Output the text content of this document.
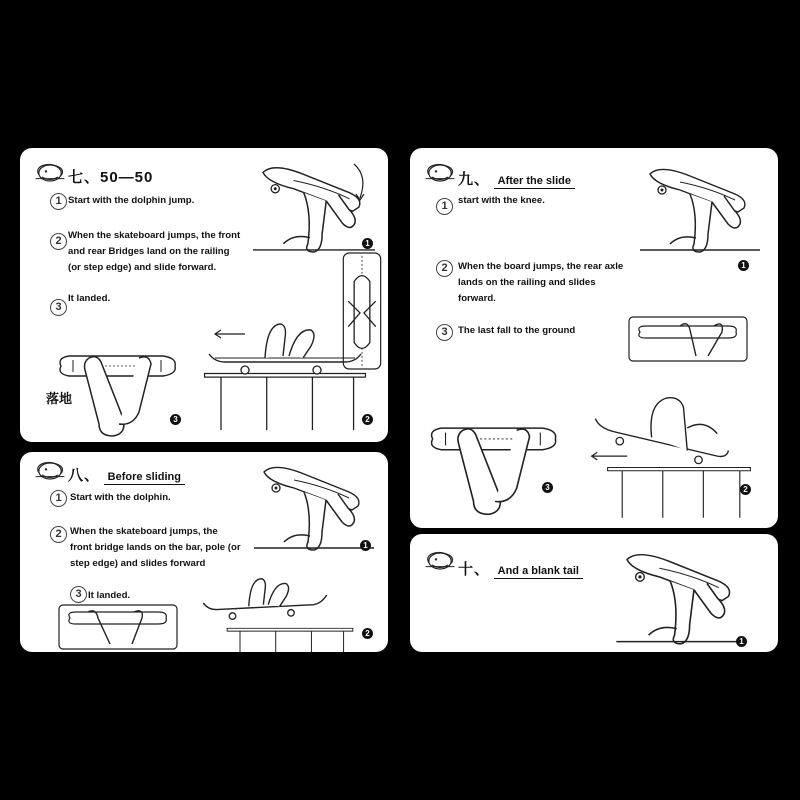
七、50—50
1 Start with the dolphin jump.
2 When the skateboard jumps, the front
and rear Bridges land on the railing
(or step edge) and slide forward.
3
It landed.
1
2
落地
3
八、 Before sliding
1 Start with the dolphin.
2 When the skateboard jumps, the
front bridge lands on the bar, pole (or
step edge) and slides forward
3 It landed.
1
2
九、 After the slide
1	start with the knee.
2	When the board jumps, the rear axle
lands on the railing and slides
forward.
3	The last fall to the ground
1
2
3
十、 And a blank tail
1
